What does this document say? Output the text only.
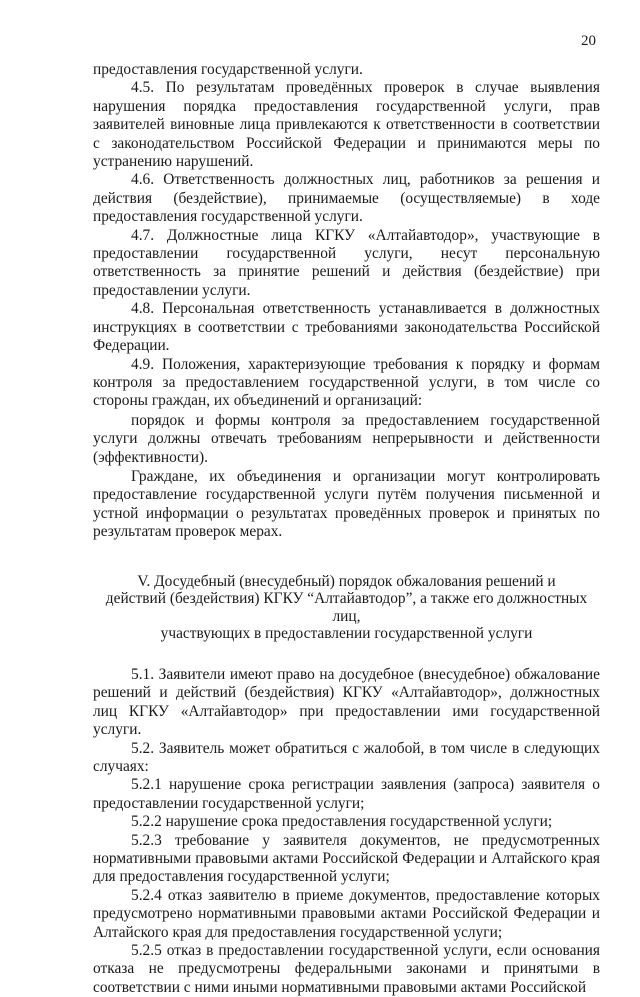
20

предоставления государственной услуги.

4.5. По результатам проведённых проверок в случае выявления нарушения порядка предоставления государственной услуги, прав заявителей виновные лица привлекаются к ответственности в соответствии с законодательством Российской Федерации и принимаются меры по устранению нарушений.

4.6. Ответственность должностных лиц, работников за решения и действия (бездействие), принимаемые (осуществляемые) в ходе предоставления государственной услуги.

4.7. Должностные лица КГКУ «Алтайавтодор», участвующие в предоставлении государственной услуги, несут персональную ответственность за принятие решений и действия (бездействие) при предоставлении услуги.

4.8. Персональная ответственность устанавливается в должностных инструкциях в соответствии с требованиями законодательства Российской Федерации.

4.9. Положения, характеризующие требования к порядку и формам контроля за предоставлением государственной услуги, в том числе со стороны граждан, их объединений и организаций:

порядок и формы контроля за предоставлением государственной услуги должны отвечать требованиям непрерывности и действенности (эффективности).

Граждане, их объединения и организации могут контролировать предоставление государственной услуги путём получения письменной и устной информации о результатах проведённых проверок и принятых по результатам проверок мерах.

V. Досудебный (внесудебный) порядок обжалования решений и
действий (бездействия) КГКУ “Алтайавтодор”, а также его должностных лиц,
участвующих в предоставлении государственной услуги

5.1. Заявители имеют право на досудебное (внесудебное) обжалование решений и действий (бездействия) КГКУ «Алтайавтодор», должностных лиц КГКУ «Алтайавтодор» при предоставлении ими государственной услуги.

5.2. Заявитель может обратиться с жалобой, в том числе в следующих случаях:

5.2.1 нарушение срока регистрации заявления (запроса) заявителя о предоставлении государственной услуги;

5.2.2 нарушение срока предоставления государственной услуги;

5.2.3 требование у заявителя документов, не предусмотренных нормативными правовыми актами Российской Федерации и Алтайского края для предоставления государственной услуги;

5.2.4 отказ заявителю в приеме документов, предоставление которых предусмотрено нормативными правовыми актами Российской Федерации и Алтайского края для предоставления государственной услуги;

5.2.5 отказ в предоставлении государственной услуги, если основания отказа не предусмотрены федеральными законами и принятыми в соответствии с ними иными нормативными правовыми актами Российской
